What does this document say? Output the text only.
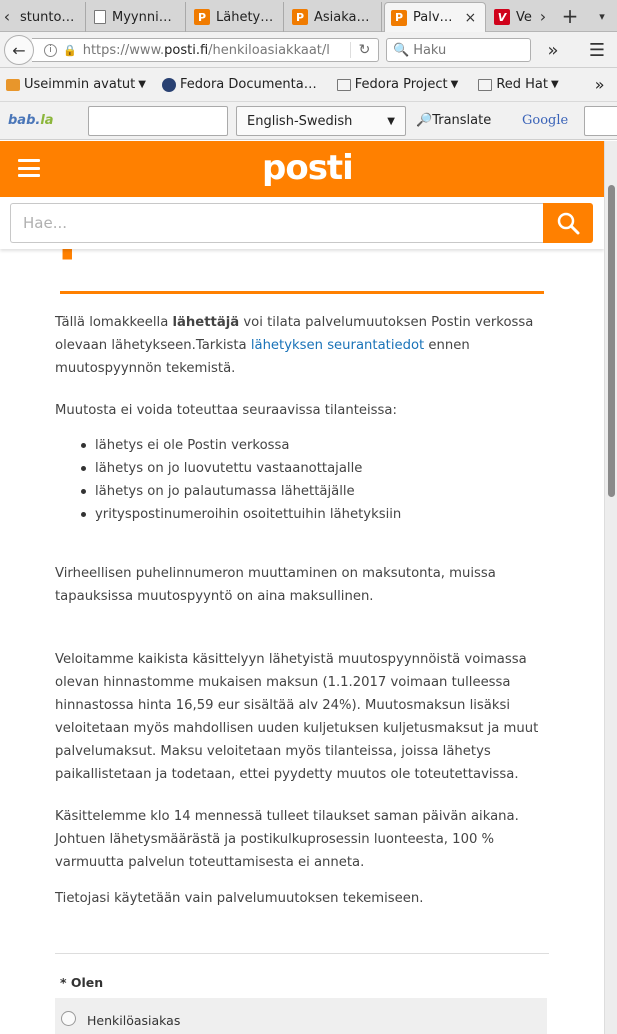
‹ stunto…	Myynni…	P Lähety…	P Asiaka…	P Palv… ×	V Ve › +	▾
i	🔒 https://www.posti.fi/henkiloasiakkaat/l	↻
←	🔍
Haku	»	☰
Useimmin avatut ▼	Fedora Documenta…	Fedora Project ▼	Red Hat ▼ »
bab.la	English-Swedish	▼ 🔎Translate Google
posti
Hae...

Tällä lomakkeella lähettäjä voi tilata palvelumuutoksen Postin verkossa olevaan lähetykseen.Tarkista lähetyksen seurantatiedot ennen muutospyynnön tekemistä.

Muutosta ei voida toteuttaa seuraavissa tilanteissa:

lähetys ei ole Postin verkossa
lähetys on jo luovutettu vastaanottajalle
lähetys on jo palautumassa lähettäjälle
yrityspostinumeroihin osoitettuihin lähetyksiin

Virheellisen puhelinnumeron muuttaminen on maksutonta, muissa tapauksissa muutospyyntö on aina maksullinen.

Veloitamme kaikista käsittelyyn lähetyistä muutospyynnöistä voimassa olevan hinnastomme mukaisen maksun (1.1.2017 voimaan tulleessa hinnastossa hinta 16,59 eur sisältää alv 24%). Muutosmaksun lisäksi veloitetaan myös mahdollisen uuden kuljetuksen kuljetusmaksut ja muut palvelumaksut. Maksu veloitetaan myös tilanteissa, joissa lähetys paikallistetaan ja todetaan, ettei pyydetty muutos ole toteutettavissa.

Käsittelemme klo 14 mennessä tulleet tilaukset saman päivän aikana. Johtuen lähetysmäärästä ja postikulkuprosessin luonteesta, 100 % varmuutta palvelun toteuttamisesta ei anneta.

Tietojasi käytetään vain palvelumuutoksen tekemiseen.

* Olen
Henkilöasiakas
